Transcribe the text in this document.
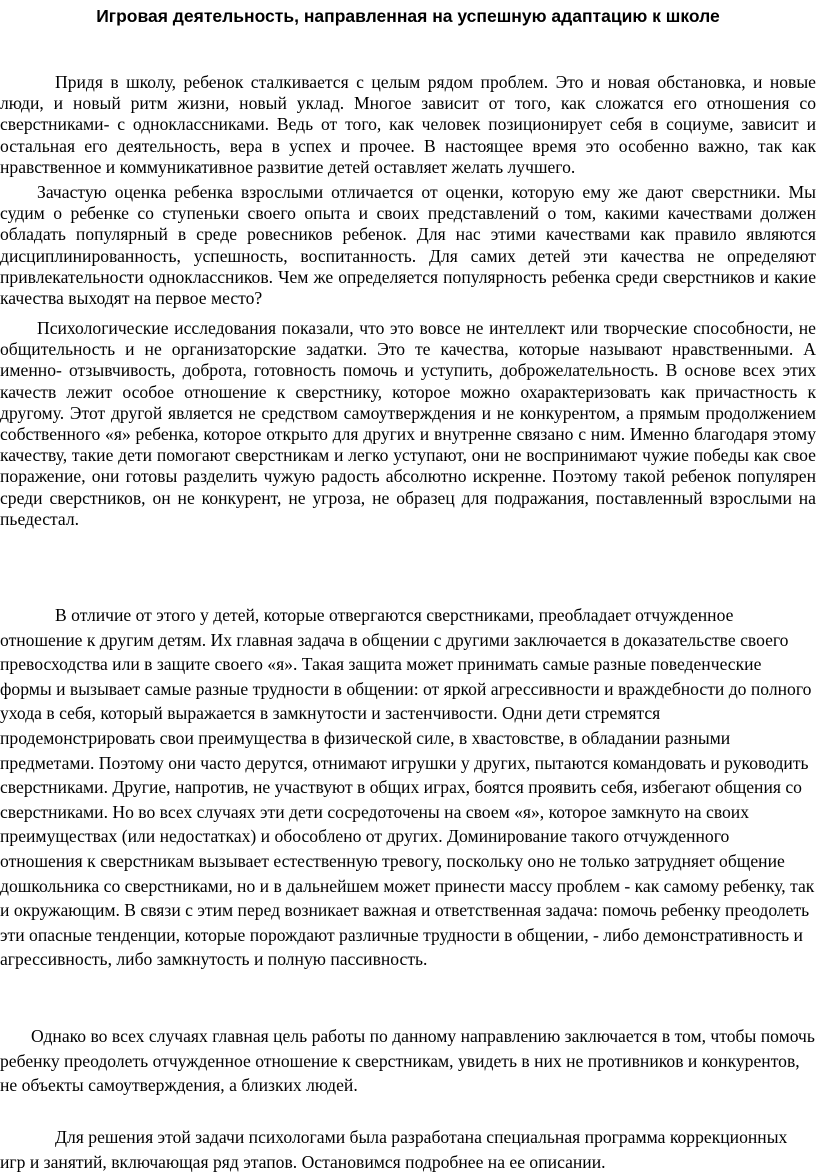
Игровая деятельность, направленная на успешную адаптацию к школе

Придя в школу, ребенок сталкивается с целым рядом проблем. Это и новая обстановка, и новые люди, и новый ритм жизни, новый уклад. Многое зависит от того, как сложатся его отношения со сверстниками- с одноклассниками. Ведь от того, как человек позиционирует себя в социуме, зависит и остальная его деятельность, вера в успех и прочее. В настоящее время это особенно важно, так как нравственное и коммуникативное развитие детей оставляет желать лучшего.

Зачастую оценка ребенка взрослыми отличается от оценки, которую ему же дают сверстники. Мы судим о ребенке со ступеньки своего опыта и своих представлений о том, какими качествами должен обладать популярный в среде ровесников ребенок. Для нас этими качествами как правило являются дисциплинированность, успешность, воспитанность. Для самих детей эти качества не определяют привлекательности одноклассников. Чем же определяется популярность ребенка среди сверстников и какие качества выходят на первое место?

Психологические исследования показали, что это вовсе не интеллект или творческие способности, не общительность и не организаторские задатки. Это те качества, которые называют нравственными. А именно- отзывчивость, доброта, готовность помочь и уступить, доброжелательность. В основе всех этих качеств лежит особое отношение к сверстнику, которое можно охарактеризовать как причастность к другому. Этот другой является не средством самоутверждения и не конкурентом, а прямым продолжением собственного «я» ребенка, которое открыто для других и внутренне связано с ним. Именно благодаря этому качеству, такие дети помогают сверстникам и легко уступают, они не воспринимают чужие победы как свое поражение, они готовы разделить чужую радость абсолютно искренне. Поэтому такой ребенок популярен среди сверстников, он не конкурент, не угроза, не образец для подражания, поставленный взрослыми на пьедестал.

В отличие от этого у детей, которые отвергаются сверстниками, преобладает отчужденное отношение к другим детям. Их главная задача в общении с другими заключается в доказательстве своего превосходства или в защите своего «я». Такая защита может принимать самые разные поведенческие формы и вызывает самые разные трудности в общении: от яркой агрессивности и враждебности до полного ухода в себя, который выражается в замкнутости и застенчивости. Одни дети стремятся продемонстрировать свои преимущества в физической силе, в хвастовстве, в обладании разными предметами. Поэтому они часто дерутся, отнимают игрушки у других, пытаются командовать и руководить сверстниками. Другие, напротив, не участвуют в общих играх, боятся проявить себя, избегают общения со сверстниками. Но во всех случаях эти дети сосредоточены на своем «я», которое замкнуто на своих преимуществах (или недостатках) и обособлено от других. Доминирование такого отчужденного отношения к сверстникам вызывает естественную тревогу, поскольку оно не только затрудняет общение дошкольника со сверстниками, но и в дальнейшем может принести массу проблем - как самому ребенку, так и окружающим. В связи с этим перед возникает важная и ответственная задача: помочь ребенку преодолеть эти опасные тенденции, которые порождают различные трудности в общении, - либо демонстративность и агрессивность, либо замкнутость и полную пассивность.

Однако во всех случаях главная цель работы по данному направлению заключается в том, чтобы помочь ребенку преодолеть отчужденное отношение к сверстникам, увидеть в них не противников и конкурентов, не объекты самоутверждения, а близких людей.

Для решения этой задачи психологами была разработана специальная программа коррекционных игр и занятий, включающая ряд этапов. Остановимся подробнее на ее описании.
